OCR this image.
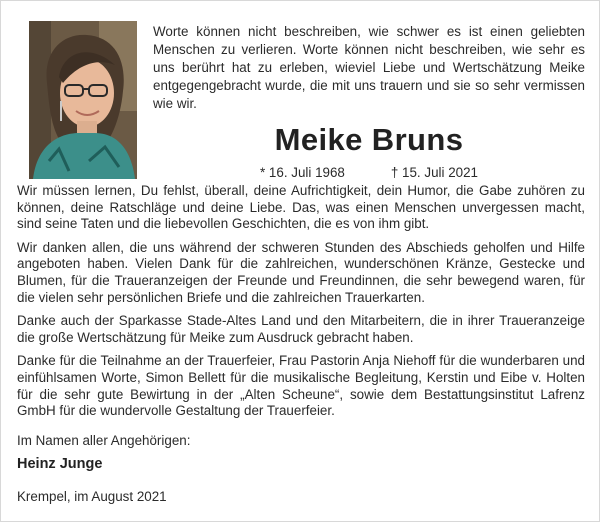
Worte können nicht beschreiben, wie schwer es ist einen geliebten Menschen zu verlieren. Worte können nicht beschreiben, wie sehr es uns berührt hat zu erleben, wieviel Liebe und Wertschätzung Meike entgegengebracht wurde, die mit uns trauern und sie so sehr vermissen wie wir.

Meike Bruns
* 16. Juli 1968	† 15. Juli 2021

Wir müssen lernen, Du fehlst, überall, deine Aufrichtigkeit, dein Humor, die Gabe zuhören zu können, deine Ratschläge und deine Liebe. Das, was einen Menschen unvergessen macht, sind seine Taten und die liebevollen Geschichten, die es von ihm gibt.

Wir danken allen, die uns während der schweren Stunden des Abschieds geholfen und Hilfe angeboten haben. Vielen Dank für die zahlreichen, wunderschönen Kränze, Gestecke und Blumen, für die Traueranzeigen der Freunde und Freundinnen, die sehr bewegend waren, für die vielen sehr persönlichen Briefe und die zahlreichen Trauerkarten.

Danke auch der Sparkasse Stade-Altes Land und den Mitarbeitern, die in ihrer Traueranzeige die große Wertschätzung für Meike zum Ausdruck gebracht haben.

Danke für die Teilnahme an der Trauerfeier, Frau Pastorin Anja Niehoff für die wunderbaren und einfühlsamen Worte, Simon Bellett für die musikalische Begleitung, Kerstin und Eibe v. Holten für die sehr gute Bewirtung in der „Alten Scheune“, sowie dem Bestattungsinstitut Lafrenz GmbH für die wundervolle Gestaltung der Trauerfeier.

Im Namen aller Angehörigen:
Heinz Junge
Krempel, im August 2021
